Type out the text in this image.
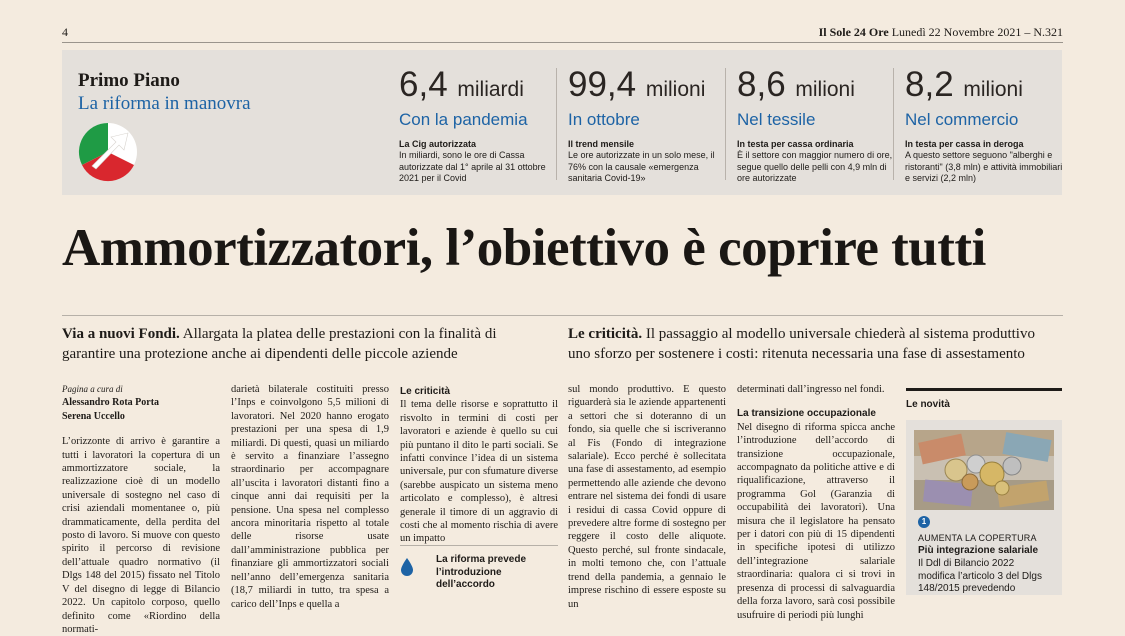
4	Il Sole 24 Ore Lunedì 22 Novembre 2021 – N.321
Primo Piano
La riforma in manovra	6,4 miliardi
Con la pandemia
La Cig autorizzata
In miliardi, sono le ore di Cassa autorizzate dal 1° aprile al 31 ottobre 2021 per il Covid
99,4 milioni
In ottobre
Il trend mensile
Le ore autorizzate in un solo mese, il 76% con la causale «emergenza sanitaria Covid-19»
8,6 milioni
Nel tessile
In testa per cassa ordinaria
È il settore con maggior numero di ore, segue quello delle pelli con 4,9 mln di ore autorizzate
8,2 milioni
Nel commercio
In testa per cassa in deroga
A questo settore seguono "alberghi e ristoranti" (3,8 mln) e attività immobiliari e servizi (2,2 mln)
Ammortizzatori, l’obiettivo è coprire tutti
Via a nuovi Fondi. Allargata la platea delle prestazioni con la finalità di garantire una protezione anche ai dipendenti delle piccole aziende
Le criticità. Il passaggio al modello universale chiederà al sistema produttivo uno sforzo per sostenere i costi: ritenuta necessaria una fase di assestamento
Pagina a cura di
Alessandro Rota Porta
Serena Uccello

L’orizzonte di arrivo è garantire a tutti i lavoratori la copertura di un ammortizzatore sociale, la realizzazione cioè di un modello universale di sostegno nel caso di crisi aziendali momentanee o, più drammaticamente, della perdita del posto di lavoro. Si muove con questo spirito il percorso di revisione dell’attuale quadro normativo (il Dlgs 148 del 2015) fissato nel Titolo V del disegno di legge di Bilancio 2022. Un capitolo corposo, quello definito come «Riordino della normati-

darietà bilaterale costituiti presso l’Inps e coinvolgono 5,5 milioni di lavoratori. Nel 2020 hanno erogato prestazioni per una spesa di 1,9 miliardi. Di questi, quasi un miliardo è servito a finanziare l’assegno straordinario per accompagnare all’uscita i lavoratori distanti fino a cinque anni dai requisiti per la pensione. Una spesa nel complesso ancora minoritaria rispetto al totale delle risorse usate dall’amministrazione pubblica per finanziare gli ammortizzatori sociali nell’anno dell’emergenza sanitaria (18,7 miliardi in tutto, tra spesa a carico dell’Inps e quella a

Le criticità

Il tema delle risorse e soprattutto il risvolto in termini di costi per lavoratori e aziende è quello su cui più puntano il dito le parti sociali. Se infatti convince l’idea di un sistema universale, pur con sfumature diverse (sarebbe auspicato un sistema meno articolato e complesso), è altresì generale il timore di un aggravio di costi che al momento rischia di avere un impatto

La riforma prevede l’introduzione dell’accordo

sul mondo produttivo. E questo riguarderà sia le aziende appartenenti a settori che si doteranno di un fondo, sia quelle che si iscriveranno al Fis (Fondo di integrazione salariale). Ecco perché è sollecitata una fase di assestamento, ad esempio permettendo alle aziende che devono entrare nel sistema dei fondi di usare i residui di cassa Covid oppure di prevedere altre forme di sostegno per reggere il costo delle aliquote. Questo perché, sul fronte sindacale, in molti temono che, con l’attuale trend della pandemia, a gennaio le imprese rischino di essere esposte su un

determinati dall’ingresso nel fondi.

La transizione occupazionale

Nel disegno di riforma spicca anche l’introduzione dell’accordo di transizione occupazionale, accompagnato da politiche attive e di riqualificazione, attraverso il programma Gol (Garanzia di occupabilità dei lavoratori). Una misura che il legislatore ha pensato per i datori con più di 15 dipendenti in specifiche ipotesi di utilizzo dell’integrazione salariale straordinaria: qualora ci si trovi in presenza di processi di salvaguardia della forza lavoro, sarà così possibile usufruire di periodi più lunghi

Le novità
1
AUMENTA LA COPERTURA
Più integrazione salariale
Il Ddl di Bilancio 2022 modifica l’articolo 3 del Dlgs 148/2015 prevedendo
